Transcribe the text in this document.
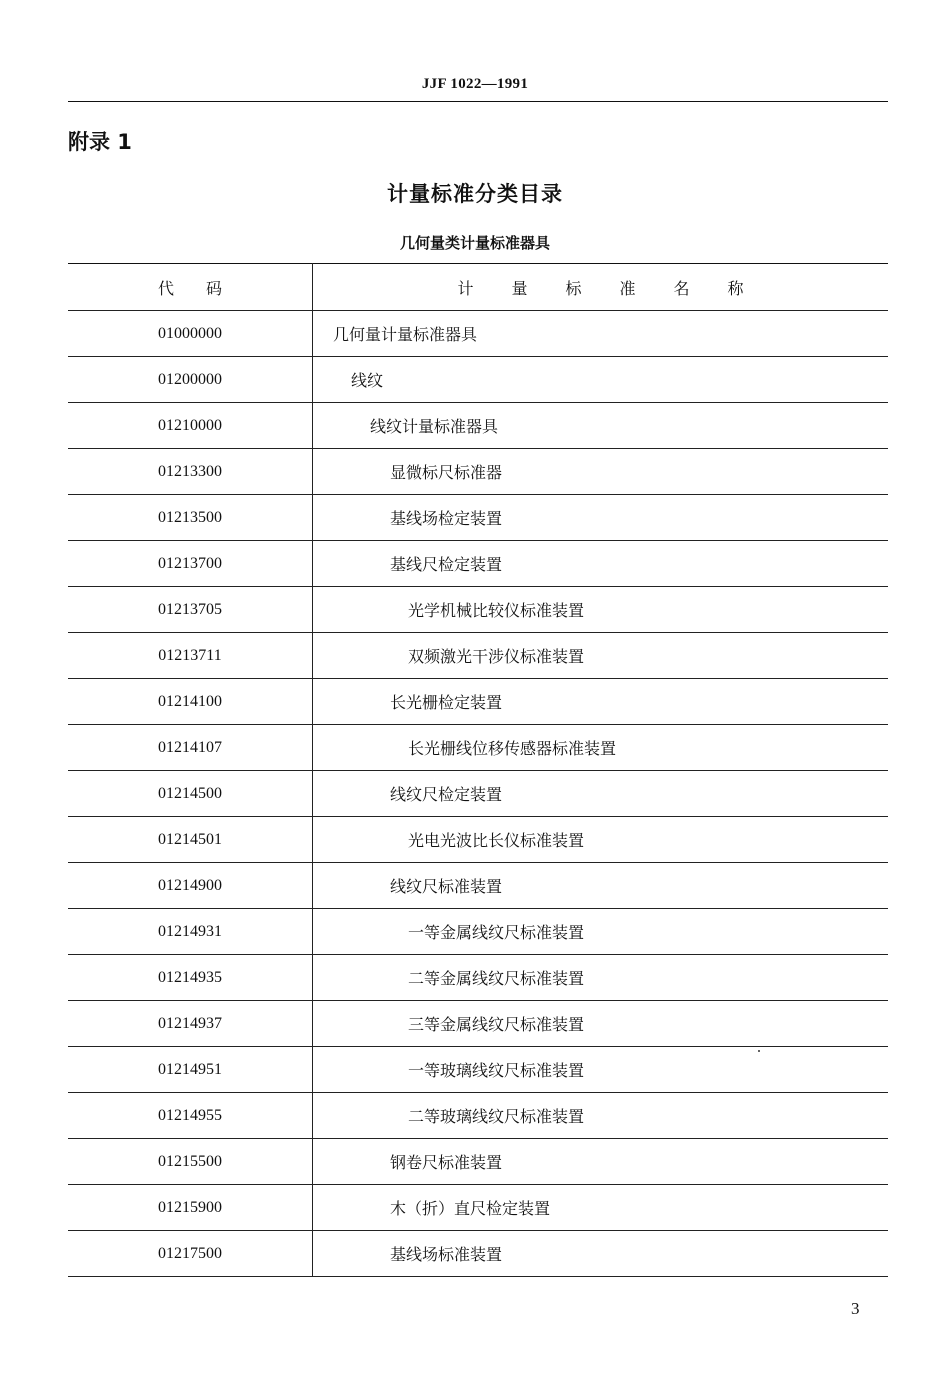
JJF 1022—1991
附录 1
计量标准分类目录
几何量类计量标准器具
代 码	计 量 标 准 名 称
01000000	几何量计量标准器具
01200000	线纹
01210000	线纹计量标准器具
01213300	显微标尺标准器
01213500	基线场检定装置
01213700	基线尺检定装置
01213705	光学机械比较仪标准装置
01213711	双频激光干涉仪标准装置
01214100	长光栅检定装置
01214107	长光栅线位移传感器标准装置
01214500	线纹尺检定装置
01214501	光电光波比长仪标准装置
01214900	线纹尺标准装置
01214931	一等金属线纹尺标准装置
01214935	二等金属线纹尺标准装置
01214937	三等金属线纹尺标准装置
01214951	一等玻璃线纹尺标准装置
01214955	二等玻璃线纹尺标准装置
01215500	钢卷尺标准装置
01215900	木（折）直尺检定装置
01217500	基线场标准装置
3
